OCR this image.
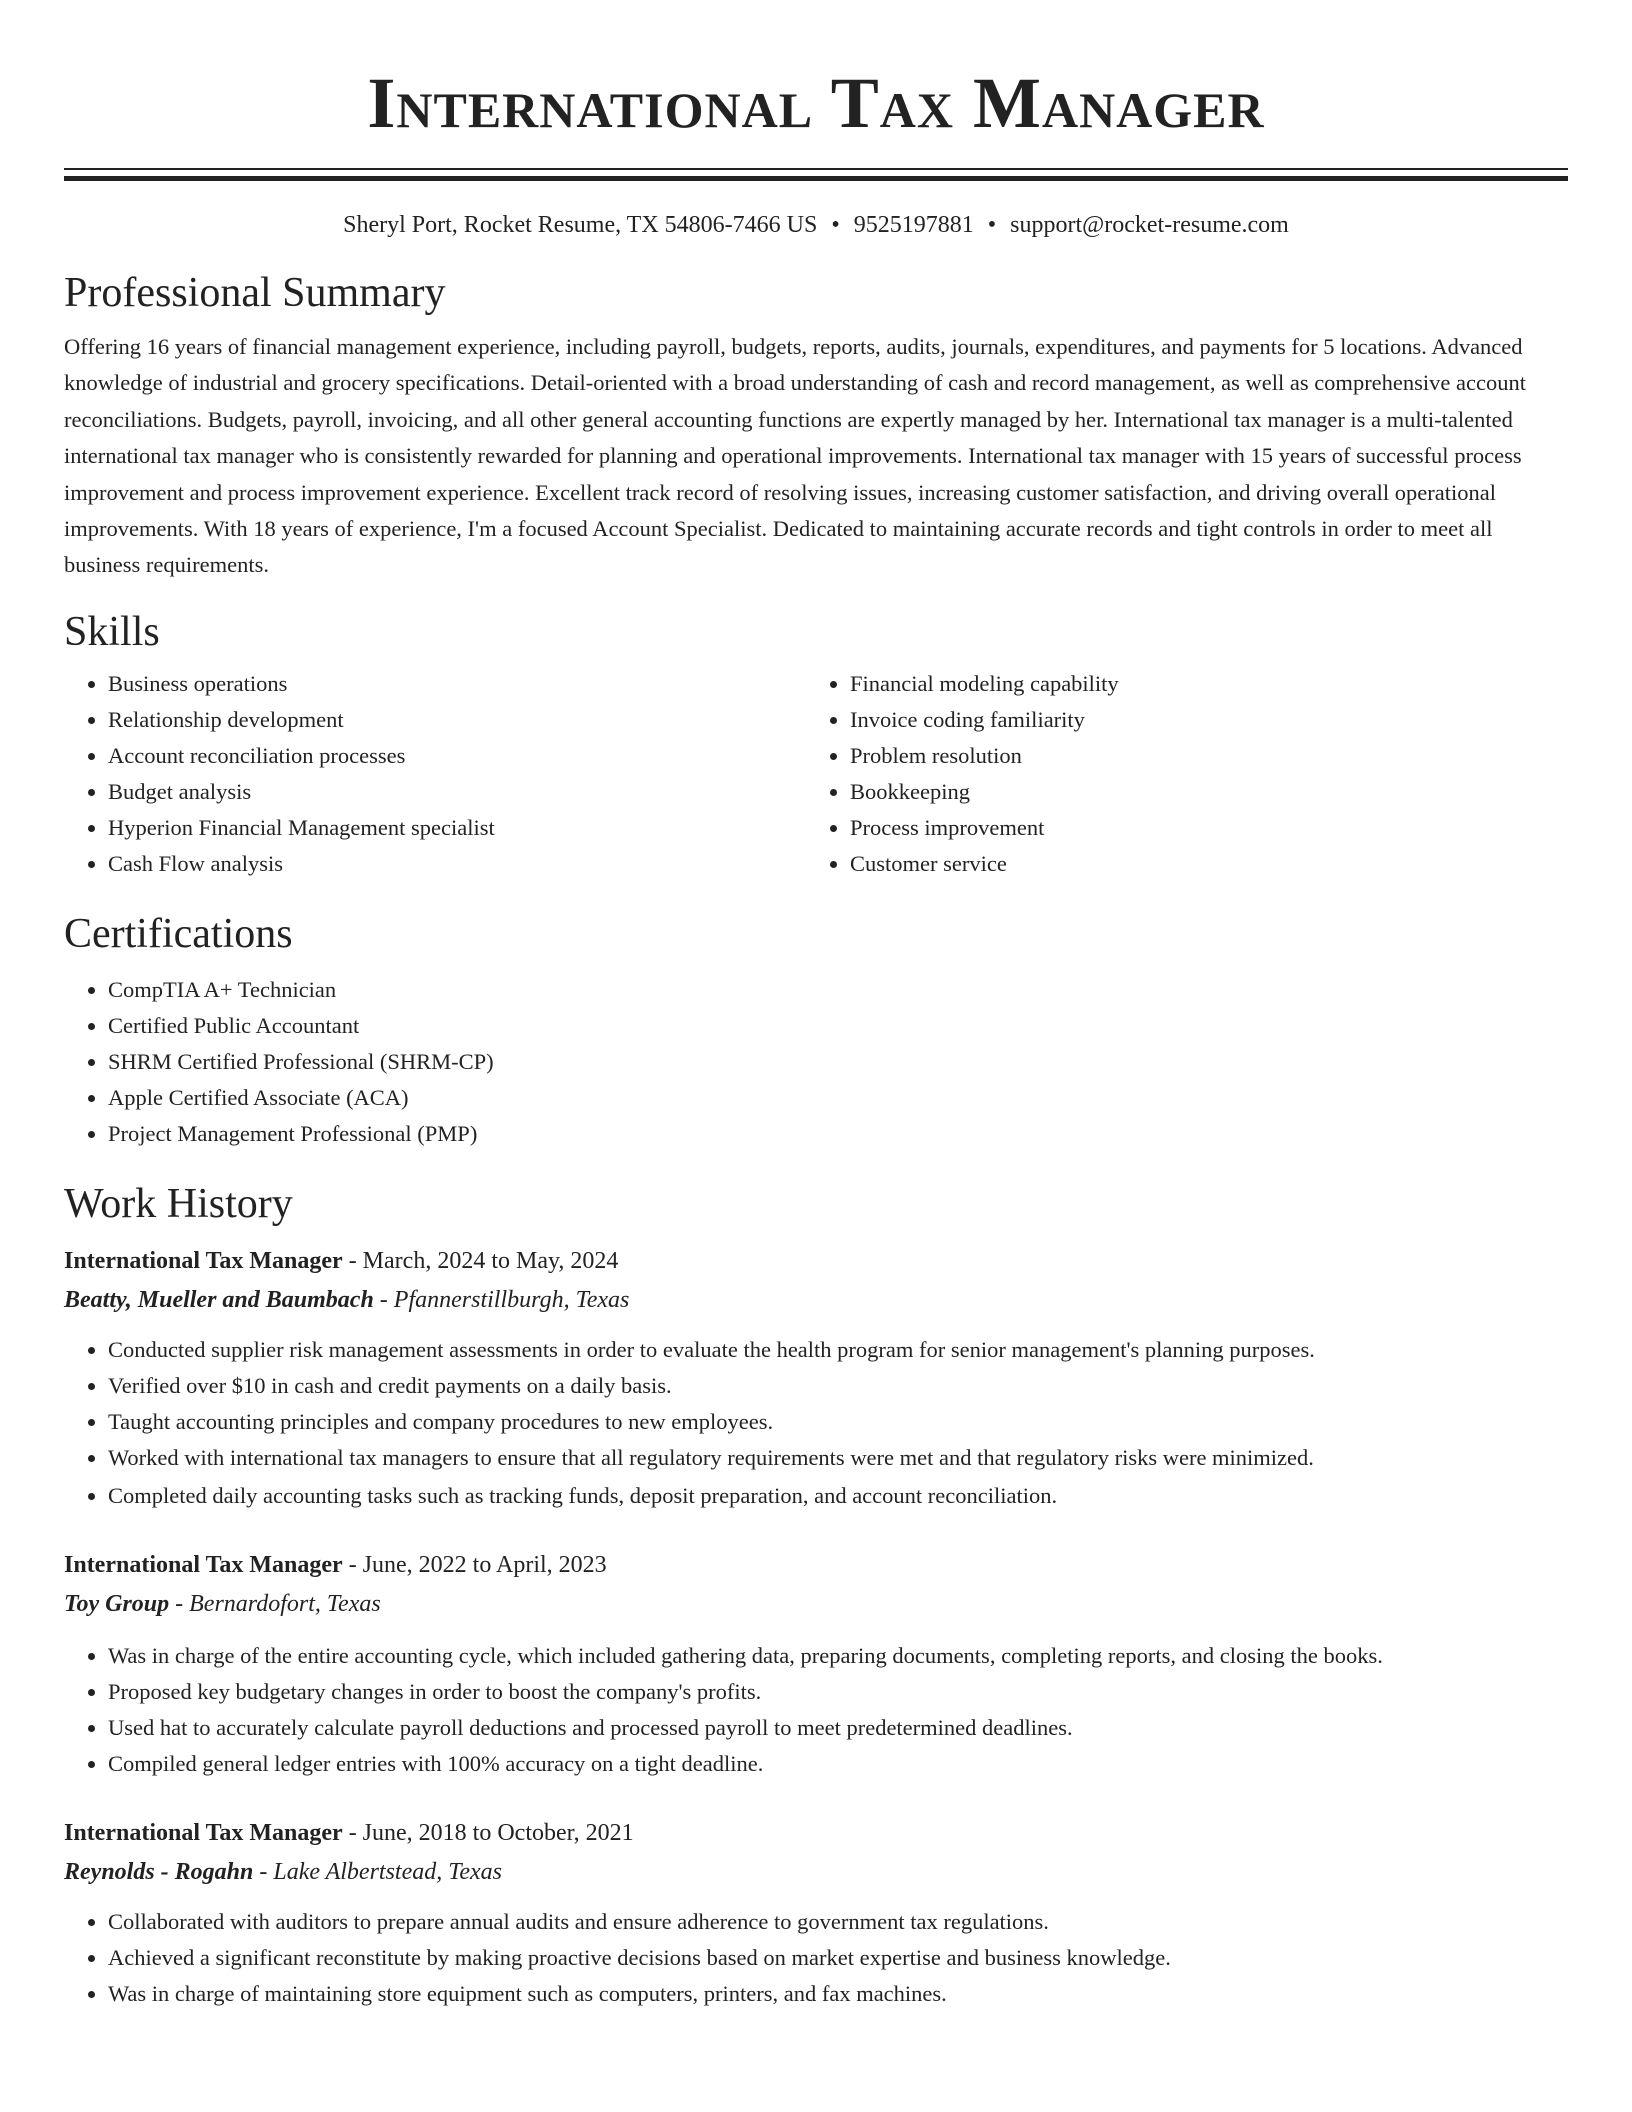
International Tax Manager
Sheryl Port, Rocket Resume, TX 54806-7466 US • 9525197881 • support@rocket-resume.com
Professional Summary

Offering 16 years of financial management experience, including payroll, budgets, reports, audits, journals, expenditures, and payments for 5 locations. Advanced knowledge of industrial and grocery specifications. Detail-oriented with a broad understanding of cash and record management, as well as comprehensive account reconciliations. Budgets, payroll, invoicing, and all other general accounting functions are expertly managed by her. International tax manager is a multi-talented international tax manager who is consistently rewarded for planning and operational improvements. International tax manager with 15 years of successful process improvement and process improvement experience. Excellent track record of resolving issues, increasing customer satisfaction, and driving overall operational improvements. With 18 years of experience, I'm a focused Account Specialist. Dedicated to maintaining accurate records and tight controls in order to meet all business requirements.

Skills
• Business operations
• Relationship development
• Account reconciliation processes
• Budget analysis
• Hyperion Financial Management specialist
• Cash Flow analysis
• Financial modeling capability
• Invoice coding familiarity
• Problem resolution
• Bookkeeping
• Process improvement
• Customer service
Certifications
• CompTIA A+ Technician
• Certified Public Accountant
• SHRM Certified Professional (SHRM-CP)
• Apple Certified Associate (ACA)
• Project Management Professional (PMP)
Work History
International Tax Manager - March, 2024 to May, 2024
Beatty, Mueller and Baumbach - Pfannerstillburgh, Texas
• Conducted supplier risk management assessments in order to evaluate the health program for senior management's planning purposes.
• Verified over $10 in cash and credit payments on a daily basis.
• Taught accounting principles and company procedures to new employees.
• Worked with international tax managers to ensure that all regulatory requirements were met and that regulatory risks were minimized.
• Completed daily accounting tasks such as tracking funds, deposit preparation, and account reconciliation.
International Tax Manager - June, 2022 to April, 2023
Toy Group - Bernardofort, Texas
• Was in charge of the entire accounting cycle, which included gathering data, preparing documents, completing reports, and closing the books.
• Proposed key budgetary changes in order to boost the company's profits.
• Used hat to accurately calculate payroll deductions and processed payroll to meet predetermined deadlines.
• Compiled general ledger entries with 100% accuracy on a tight deadline.
International Tax Manager - June, 2018 to October, 2021
Reynolds - Rogahn - Lake Albertstead, Texas
• Collaborated with auditors to prepare annual audits and ensure adherence to government tax regulations.
• Achieved a significant reconstitute by making proactive decisions based on market expertise and business knowledge.
• Was in charge of maintaining store equipment such as computers, printers, and fax machines.
